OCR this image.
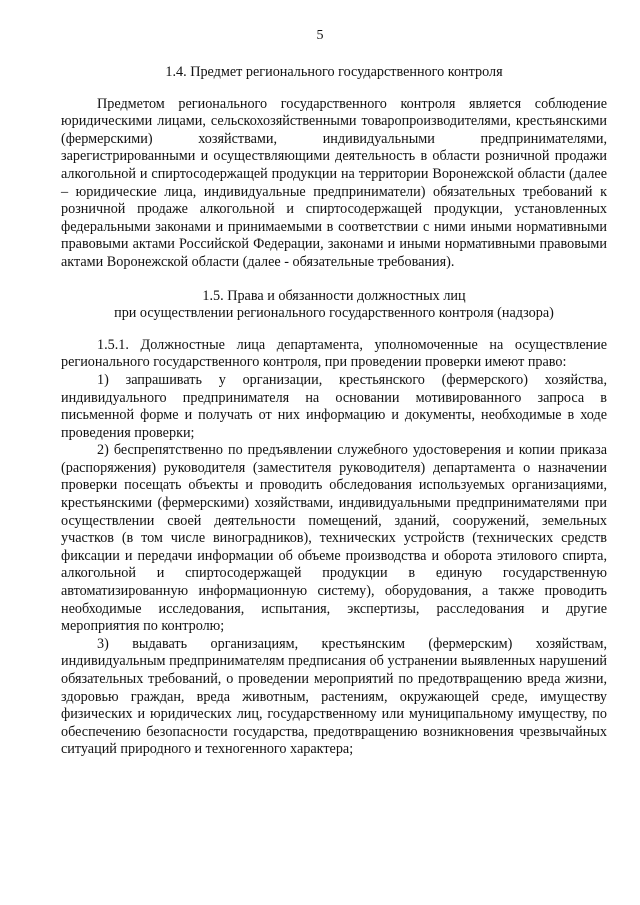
5

1.4. Предмет регионального государственного контроля

Предметом регионального государственного контроля является соблюдение юридическими лицами, сельскохозяйственными товаропроизводителями, крестьянскими (фермерскими) хозяйствами, индивидуальными предпринимателями, зарегистрированными и осуществляющими деятельность в области розничной продажи алкогольной и спиртосодержащей продукции на территории Воронежской области (далее – юридические лица, индивидуальные предприниматели) обязательных требований к розничной продаже алкогольной и спиртосодержащей продукции, установленных федеральными законами и принимаемыми в соответствии с ними иными нормативными правовыми актами Российской Федерации, законами и иными нормативными правовыми актами Воронежской области (далее - обязательные требования).

1.5. Права и обязанности должностных лиц

при осуществлении регионального государственного контроля (надзора)

1.5.1. Должностные лица департамента, уполномоченные на осуществление регионального государственного контроля, при проведении проверки имеют право:

1) запрашивать у организации, крестьянского (фермерского) хозяйства, индивидуального предпринимателя на основании мотивированного запроса в письменной форме и получать от них информацию и документы, необходимые в ходе проведения проверки;

2) беспрепятственно по предъявлении служебного удостоверения и копии приказа (распоряжения) руководителя (заместителя руководителя) департамента о назначении проверки посещать объекты и проводить обследования используемых организациями, крестьянскими (фермерскими) хозяйствами, индивидуальными предпринимателями при осуществлении своей деятельности помещений, зданий, сооружений, земельных участков (в том числе виноградников), технических устройств (технических средств фиксации и передачи информации об объеме производства и оборота этилового спирта, алкогольной и спиртосодержащей продукции в единую государственную автоматизированную информационную систему), оборудования, а также проводить необходимые исследования, испытания, экспертизы, расследования и другие мероприятия по контролю;

3) выдавать организациям, крестьянским (фермерским) хозяйствам, индивидуальным предпринимателям предписания об устранении выявленных нарушений обязательных требований, о проведении мероприятий по предотвращению вреда жизни, здоровью граждан, вреда животным, растениям, окружающей среде, имуществу физических и юридических лиц, государственному или муниципальному имуществу, по обеспечению безопасности государства, предотвращению возникновения чрезвычайных ситуаций природного и техногенного характера;
